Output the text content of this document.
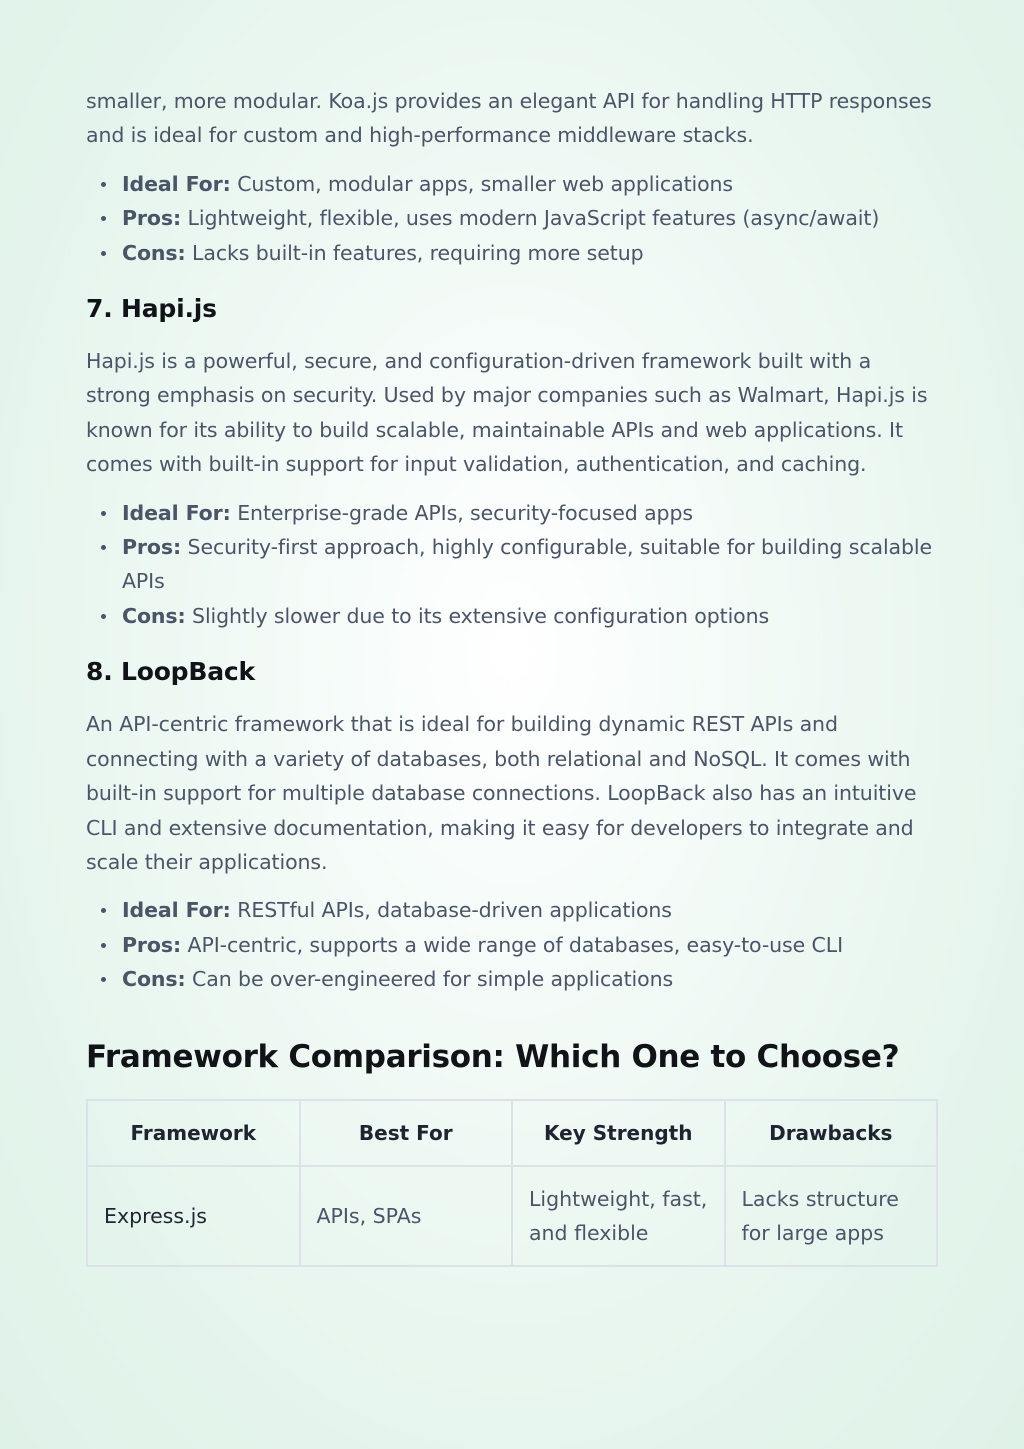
smaller, more modular. Koa.js provides an elegant API for handling HTTP responses and is ideal for custom and high-performance middleware stacks.

Ideal For: Custom, modular apps, smaller web applications
Pros: Lightweight, flexible, uses modern JavaScript features (async/await)
Cons: Lacks built-in features, requiring more setup
7. Hapi.js

Hapi.js is a powerful, secure, and configuration-driven framework built with a strong emphasis on security. Used by major companies such as Walmart, Hapi.js is known for its ability to build scalable, maintainable APIs and web applications. It comes with built-in support for input validation, authentication, and caching.

Ideal For: Enterprise-grade APIs, security-focused apps
Pros: Security-first approach, highly configurable, suitable for building scalable APIs
Cons: Slightly slower due to its extensive configuration options
8. LoopBack

An API-centric framework that is ideal for building dynamic REST APIs and connecting with a variety of databases, both relational and NoSQL. It comes with built-in support for multiple database connections. LoopBack also has an intuitive CLI and extensive documentation, making it easy for developers to integrate and scale their applications.

Ideal For: RESTful APIs, database-driven applications
Pros: API-centric, supports a wide range of databases, easy-to-use CLI
Cons: Can be over-engineered for simple applications
Framework Comparison: Which One to Choose?
Framework	Best For	Key Strength	Drawbacks
Express.js	APIs, SPAs	Lightweight, fast, and flexible	Lacks structure for large apps
